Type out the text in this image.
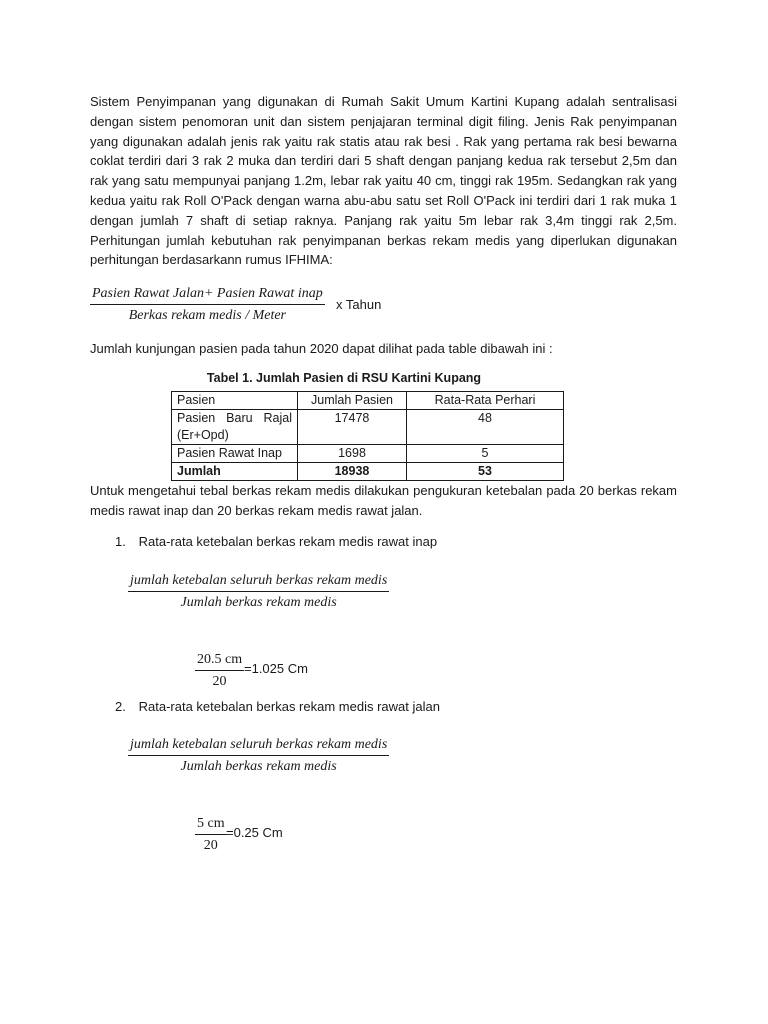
Sistem Penyimpanan yang digunakan di Rumah Sakit Umum Kartini Kupang adalah sentralisasi dengan sistem penomoran unit dan sistem penjajaran terminal digit filing. Jenis Rak penyimpanan yang digunakan adalah jenis rak yaitu rak statis atau rak besi . Rak yang pertama rak besi bewarna coklat terdiri dari 3 rak 2 muka dan terdiri dari 5 shaft dengan panjang kedua rak tersebut 2,5m dan rak yang satu mempunyai panjang 1.2m, lebar rak yaitu 40 cm, tinggi rak 195m. Sedangkan rak yang kedua yaitu rak Roll O'Pack dengan warna abu-abu satu set Roll O'Pack ini terdiri dari 1 rak muka 1 dengan jumlah 7 shaft di setiap raknya. Panjang rak yaitu 5m lebar rak 3,4m tinggi rak 2,5m. Perhitungan jumlah kebutuhan rak penyimpanan berkas rekam medis yang diperlukan digunakan perhitungan berdasarkann rumus IFHIMA:

Pasien Rawat Jalan+ Pasien Rawat inap
Berkas rekam medis / Meter
x Tahun

Jumlah kunjungan pasien pada tahun 2020 dapat dilihat pada table dibawah ini :

Tabel 1. Jumlah Pasien di RSU Kartini Kupang

Pasien	Jumlah Pasien	Rata-Rata Perhari
Pasien Baru Rajal (Er+Opd)	17478	48
Pasien Rawat Inap	1698	5
Jumlah	18938	53

Untuk mengetahui tebal berkas rekam medis dilakukan pengukuran ketebalan pada 20 berkas rekam medis rawat inap dan 20 berkas rekam medis rawat jalan.

1. Rata-rata ketebalan berkas rekam medis rawat inap

jumlah ketebalan seluruh berkas rekam medis
Jumlah berkas rekam medis
$\frac{20.5 cm}{20} =1.025$ Cm

2. Rata-rata ketebalan berkas rekam medis rawat jalan

jumlah ketebalan seluruh berkas rekam medis
Jumlah berkas rekam medis
$\frac{5 cm}{20} =0.25$ Cm
